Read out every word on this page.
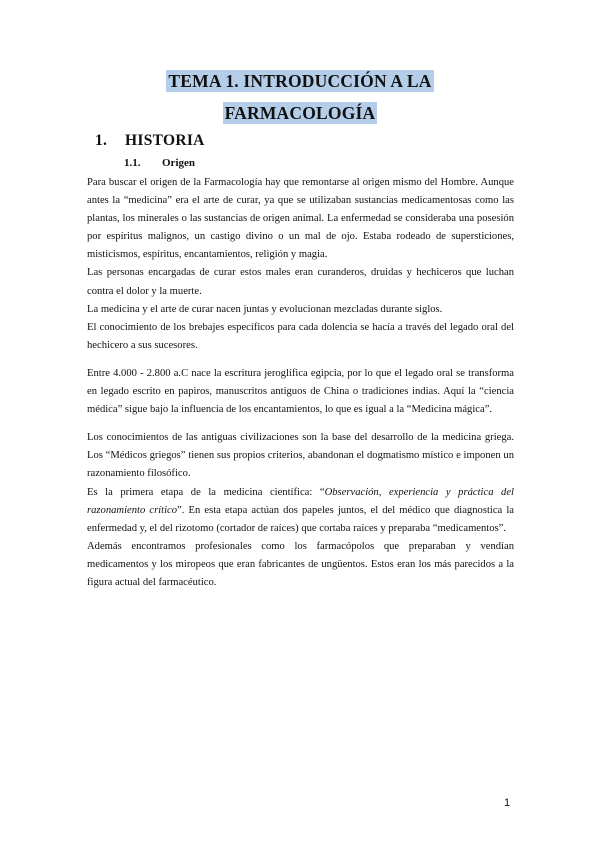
TEMA 1. INTRODUCCIÓN A LA
FARMACOLOGÍA
1. HISTORIA
1.1. Origen

Para buscar el origen de la Farmacología hay que remontarse al origen mismo del Hombre. Aunque antes la “medicina” era el arte de curar, ya que se utilizaban sustancias medicamentosas como las plantas, los minerales o las sustancias de origen animal. La enfermedad se consideraba una posesión por espíritus malignos, un castigo divino o un mal de ojo. Estaba rodeado de supersticiones, misticismos, espíritus, encantamientos, religión y magia.

Las personas encargadas de curar estos males eran curanderos, druidas y hechiceros que luchan contra el dolor y la muerte.

La medicina y el arte de curar nacen juntas y evolucionan mezcladas durante siglos.

El conocimiento de los brebajes específicos para cada dolencia se hacía a través del legado oral del hechicero a sus sucesores.

Entre 4.000 - 2.800 a.C nace la escritura jeroglífica egipcia, por lo que el legado oral se transforma en legado escrito en papiros, manuscritos antiguos de China o tradiciones indias. Aquí la “ciencia médica” sigue bajo la influencia de los encantamientos, lo que es igual a la “Medicina mágica”.

Los conocimientos de las antiguas civilizaciones son la base del desarrollo de la medicina griega. Los “Médicos griegos” tienen sus propios criterios, abandonan el dogmatismo místico e imponen un razonamiento filosófico.

Es la primera etapa de la medicina científica: “Observación, experiencia y práctica del razonamiento crítico”. En esta etapa actúan dos papeles juntos, el del médico que diagnostica la enfermedad y, el del rizotomo (cortador de raíces) que cortaba raíces y preparaba “medicamentos”.

Además encontramos profesionales como los farmacópolos que preparaban y vendían medicamentos y los miropeos que eran fabricantes de ungüentos. Estos eran los más parecidos a la figura actual del farmacéutico.

1
